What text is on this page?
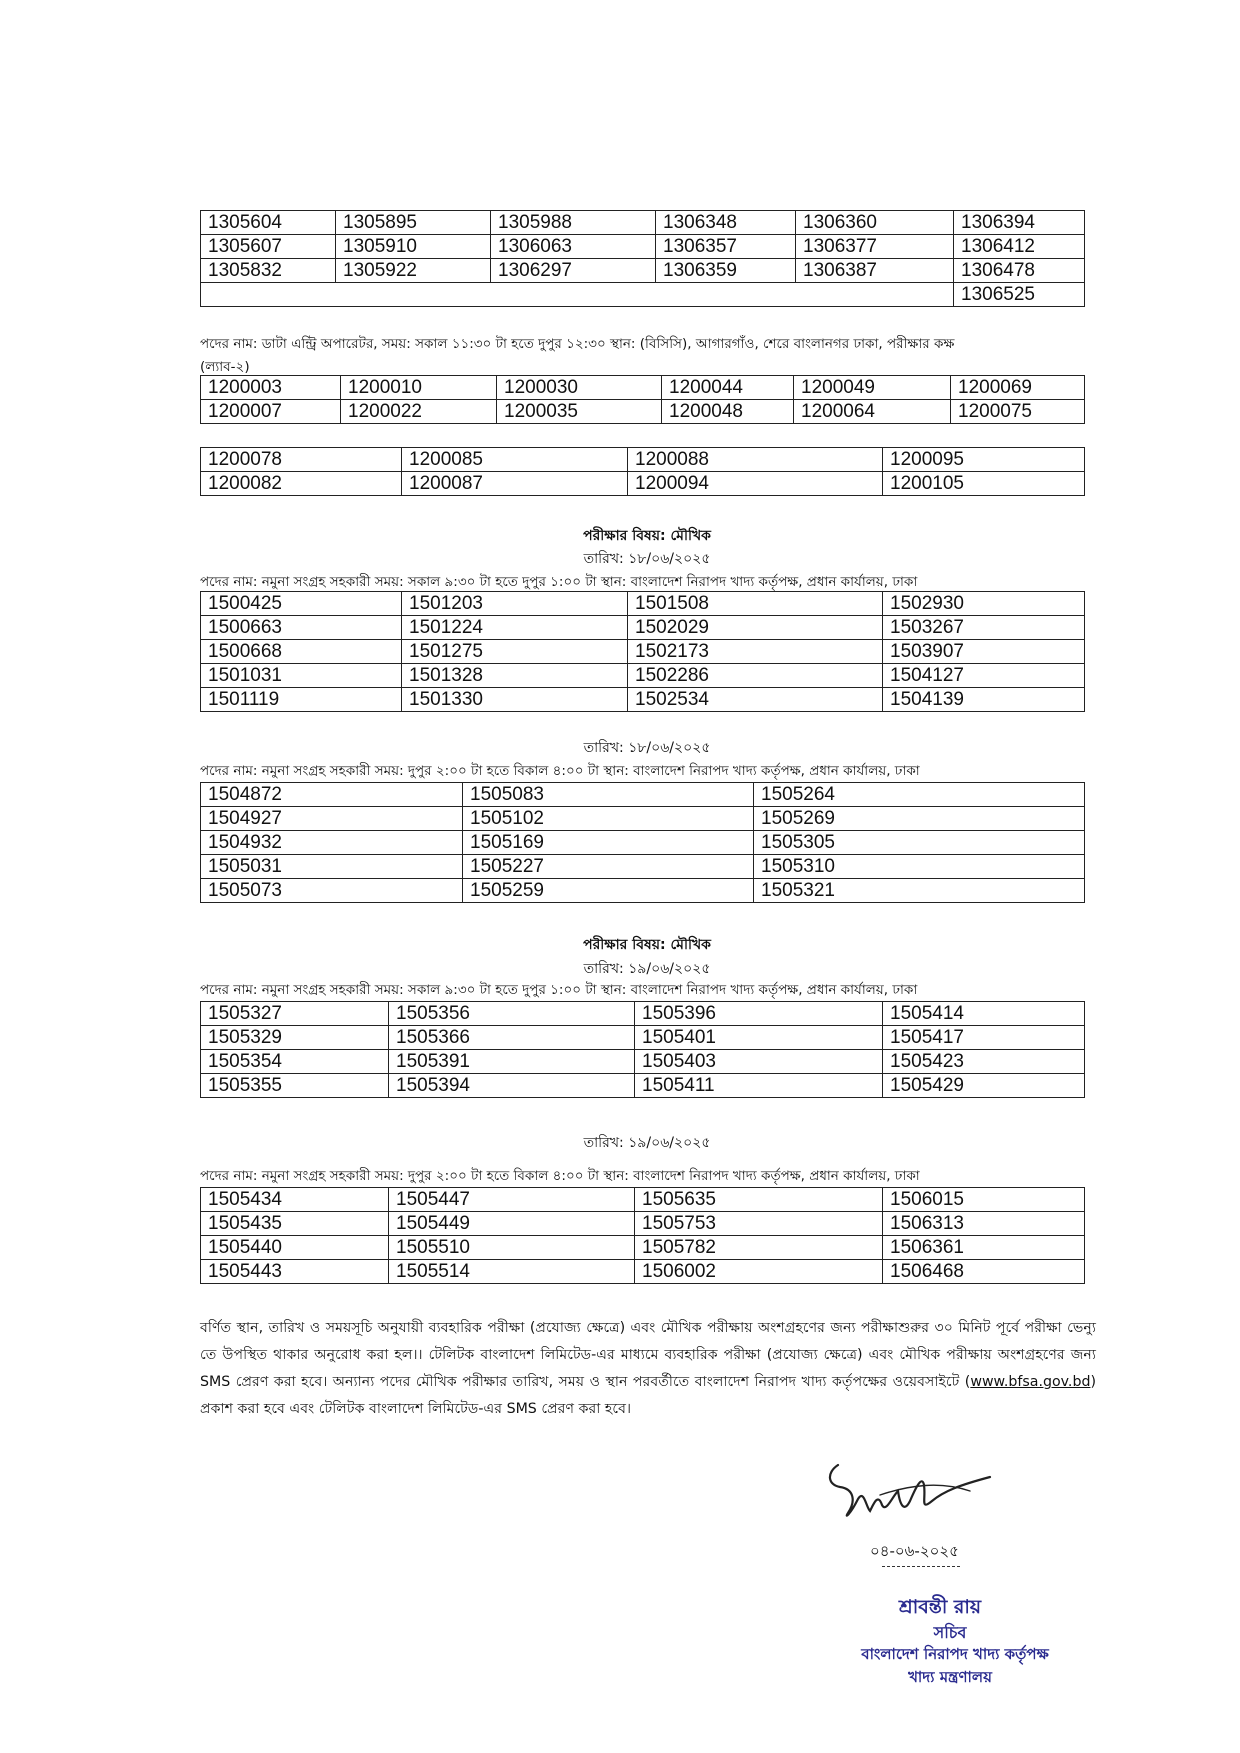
1305604	1305895	1305988	1306348	1306360	1306394
1305607	1305910	1306063	1306357	1306377	1306412
1305832	1305922	1306297	1306359	1306387	1306478
					1306525
পদের নাম: ডাটা এন্ট্রি অপারেটর, সময়: সকাল ১১:৩০ টা হতে দুপুর ১২:৩০ স্থান: (বিসিসি), আগারগাঁও, শেরে বাংলানগর ঢাকা, পরীক্ষার কক্ষ
(ল্যাব-২)
1200003	1200010	1200030	1200044	1200049	1200069
1200007	1200022	1200035	1200048	1200064	1200075
1200078	1200085	1200088	1200095
1200082	1200087	1200094	1200105
পরীক্ষার বিষয়: মৌখিক
তারিখ: ১৮/০৬/২০২৫
পদের নাম: নমুনা সংগ্রহ সহকারী সময়: সকাল ৯:৩০ টা হতে দুপুর ১:০০ টা স্থান: বাংলাদেশ নিরাপদ খাদ্য কর্তৃপক্ষ, প্রধান কার্যালয়, ঢাকা
1500425	1501203	1501508	1502930
1500663	1501224	1502029	1503267
1500668	1501275	1502173	1503907
1501031	1501328	1502286	1504127
1501119	1501330	1502534	1504139
তারিখ: ১৮/০৬/২০২৫
পদের নাম: নমুনা সংগ্রহ সহকারী সময়: দুপুর ২:০০ টা হতে বিকাল ৪:০০ টা স্থান: বাংলাদেশ নিরাপদ খাদ্য কর্তৃপক্ষ, প্রধান কার্যালয়, ঢাকা
1504872	1505083	1505264
1504927	1505102	1505269
1504932	1505169	1505305
1505031	1505227	1505310
1505073	1505259	1505321
পরীক্ষার বিষয়: মৌখিক
তারিখ: ১৯/০৬/২০২৫
পদের নাম: নমুনা সংগ্রহ সহকারী সময়: সকাল ৯:৩০ টা হতে দুপুর ১:০০ টা স্থান: বাংলাদেশ নিরাপদ খাদ্য কর্তৃপক্ষ, প্রধান কার্যালয়, ঢাকা
1505327	1505356	1505396	1505414
1505329	1505366	1505401	1505417
1505354	1505391	1505403	1505423
1505355	1505394	1505411	1505429
তারিখ: ১৯/০৬/২০২৫
পদের নাম: নমুনা সংগ্রহ সহকারী সময়: দুপুর ২:০০ টা হতে বিকাল ৪:০০ টা স্থান: বাংলাদেশ নিরাপদ খাদ্য কর্তৃপক্ষ, প্রধান কার্যালয়, ঢাকা
1505434	1505447	1505635	1506015
1505435	1505449	1505753	1506313
1505440	1505510	1505782	1506361
1505443	1505514	1506002	1506468
বর্ণিত স্থান, তারিখ ও সময়সূচি অনুযায়ী ব্যবহারিক পরীক্ষা (প্রযোজ্য ক্ষেত্রে) এবং মৌখিক পরীক্ষায় অংশগ্রহণের জন্য পরীক্ষাশুরুর ৩০ মিনিট পূর্বে পরীক্ষা ভেন্যু তে উপস্থিত থাকার অনুরোধ করা হল।। টেলিটক বাংলাদেশ লিমিটেড-এর মাধ্যমে ব্যবহারিক পরীক্ষা (প্রযোজ্য ক্ষেত্রে) এবং মৌখিক পরীক্ষায় অংশগ্রহণের জন্য SMS প্রেরণ করা হবে। অন্যান্য পদের মৌখিক পরীক্ষার তারিখ, সময় ও স্থান পরবর্তীতে বাংলাদেশ নিরাপদ খাদ্য কর্তৃপক্ষের ওয়েবসাইটে (www.bfsa.gov.bd) প্রকাশ করা হবে এবং টেলিটক বাংলাদেশ লিমিটেড-এর SMS প্রেরণ করা হবে।
০৪-০৬-২০২৫
শ্রাবন্তী রায়
সচিব
বাংলাদেশ নিরাপদ খাদ্য কর্তৃপক্ষ
খাদ্য মন্ত্রণালয়
